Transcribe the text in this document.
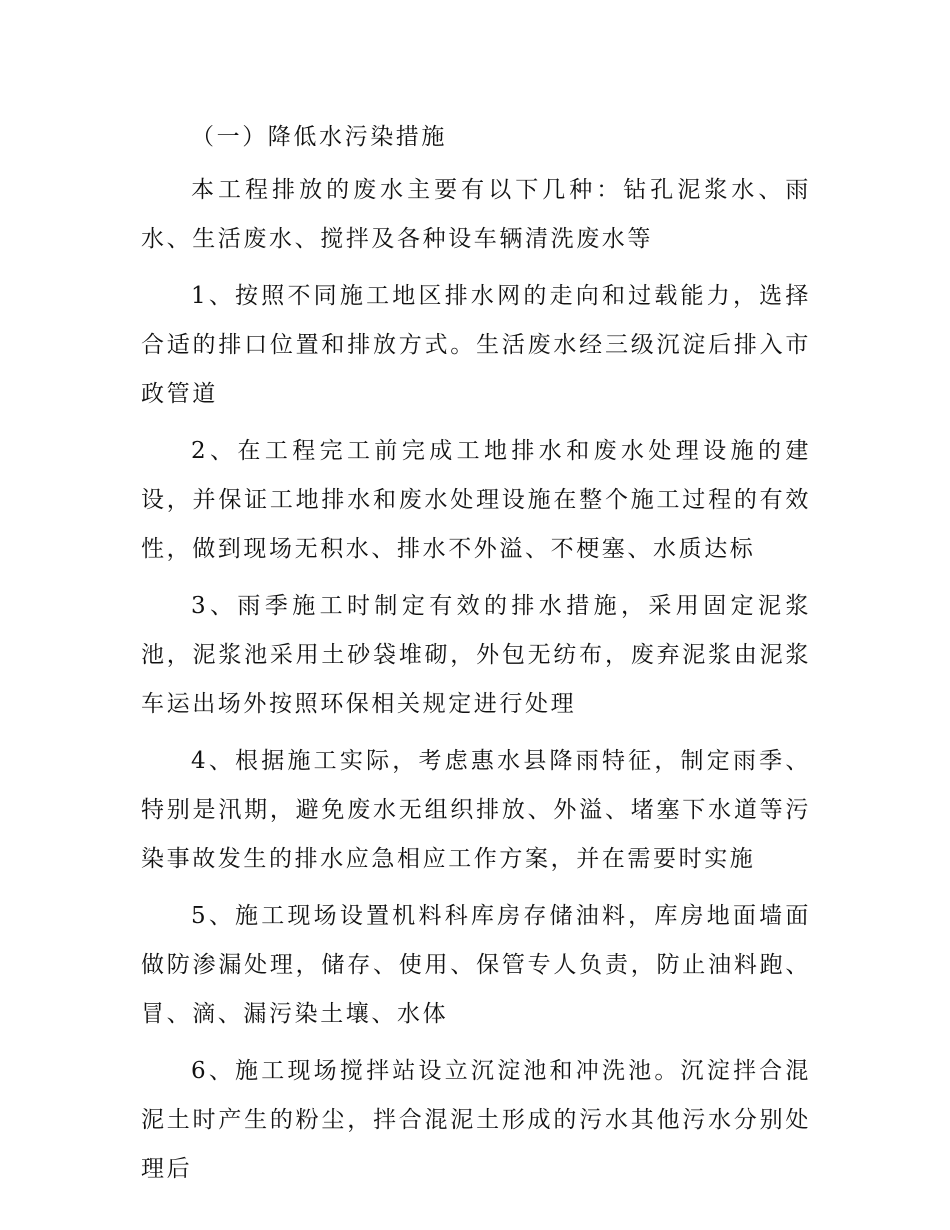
（一）降低水污染措施

本工程排放的废水主要有以下几种：钻孔泥浆水、雨水、生活废水、搅拌及各种设车辆清洗废水等

1、按照不同施工地区排水网的走向和过载能力，选择合适的排口位置和排放方式。生活废水经三级沉淀后排入市政管道

2、在工程完工前完成工地排水和废水处理设施的建设，并保证工地排水和废水处理设施在整个施工过程的有效性，做到现场无积水、排水不外溢、不梗塞、水质达标

3、雨季施工时制定有效的排水措施，采用固定泥浆池，泥浆池采用土砂袋堆砌，外包无纺布，废弃泥浆由泥浆车运出场外按照环保相关规定进行处理

4、根据施工实际，考虑惠水县降雨特征，制定雨季、特别是汛期，避免废水无组织排放、外溢、堵塞下水道等污染事故发生的排水应急相应工作方案，并在需要时实施

5、施工现场设置机料科库房存储油料，库房地面墙面做防渗漏处理，储存、使用、保管专人负责，防止油料跑、冒、滴、漏污染土壤、水体

6、施工现场搅拌站设立沉淀池和冲洗池。沉淀拌合混泥土时产生的粉尘，拌合混泥土形成的污水其他污水分别处理后
